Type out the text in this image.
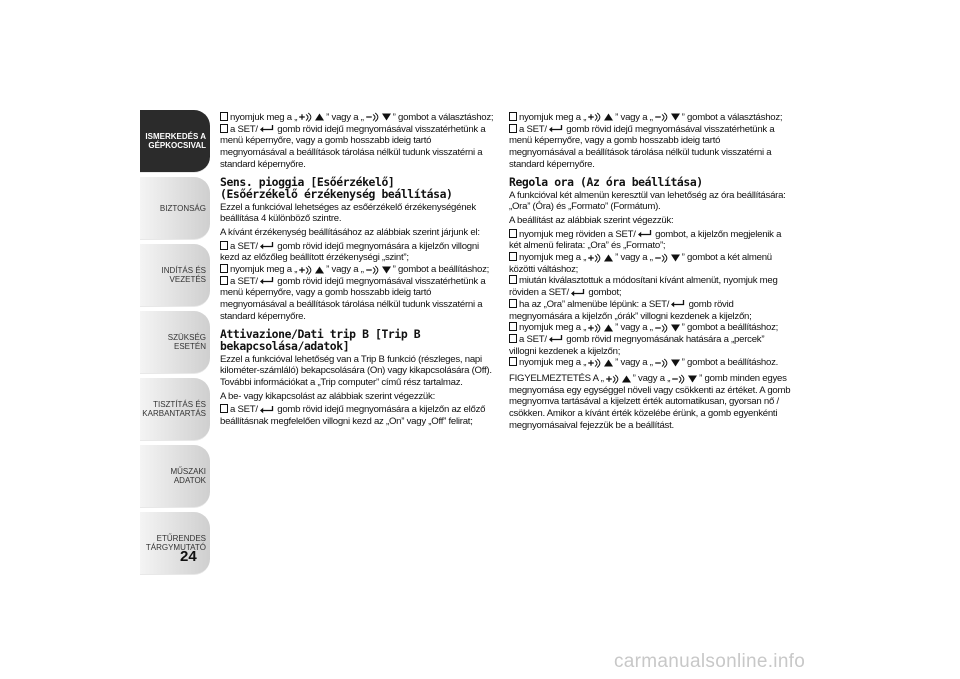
ISMERKEDÉS A GÉPKOCSIVAL
BIZTONSÁG
INDÍTÁS ÉS VEZETÉS
SZÜKSÉG ESETÉN
TISZTÍTÁS ÉS KARBANTARTÁS
MŰSZAKI ADATOK
ETŰRENDES TÁRGYMUTATÓ
24
nyomjuk meg a „	” vagy a „	” gombot a választáshoz;
a SET/ gomb rövid idejű megnyomásával visszatérhetünk a
menü képernyőre, vagy a gomb hosszabb ideig tartó
megnyomásával a beállítások tárolása nélkül tudunk visszatérni a
standard képernyőre.
Sens. pioggia [Esőérzékelő]
(Esőérzékelő érzékenység beállítása)
Ezzel a funkcióval lehetséges az esőérzékelő érzékenységének
beállítása 4 különböző szintre.
A kívánt érzékenység beállításához az alábbiak szerint járjunk el:
a SET/ gomb rövid idejű megnyomására a kijelzőn villogni
kezd az előzőleg beállított érzékenységi „szint”;
nyomjuk meg a „	” vagy a „	” gombot a beállításhoz;
a SET/ gomb rövid idejű megnyomásával visszatérhetünk a
menü képernyőre, vagy a gomb hosszabb ideig tartó
megnyomásával a beállítások tárolása nélkül tudunk visszatérni a
standard képernyőre.
Attivazione/Dati trip B [Trip B
bekapcsolása/adatok]
Ezzel a funkcióval lehetőség van a Trip B funkció (részleges, napi
kilométer-számláló) bekapcsolására (On) vagy kikapcsolására (Off).
További információkat a „Trip computer” című rész tartalmaz.
A be- vagy kikapcsolást az alábbiak szerint végezzük:
a SET/ gomb rövid idejű megnyomására a kijelzőn az előző
beállításnak megfelelően villogni kezd az „On” vagy „Off” felirat;
nyomjuk meg a „	” vagy a „	” gombot a választáshoz;
a SET/ gomb rövid idejű megnyomásával visszatérhetünk a
menü képernyőre, vagy a gomb hosszabb ideig tartó
megnyomásával a beállítások tárolása nélkül tudunk visszatérni a
standard képernyőre.
Regola ora (Az óra beállítása)
A funkcióval két almenün keresztül van lehetőség az óra beállítására:
„Ora” (Óra) és „Formato” (Formátum).
A beállítást az alábbiak szerint végezzük:
nyomjuk meg röviden a SET/ gombot, a kijelzőn megjelenik a
két almenü felirata: „Ora” és „Formato”;
nyomjuk meg a „	” vagy a „	” gombot a két almenü
közötti váltáshoz;
miután kiválasztottuk a módosítani kívánt almenüt, nyomjuk meg
röviden a SET/ gombot;
ha az „Ora” almenübe lépünk: a SET/ gomb rövid
megnyomására a kijelzőn „órák” villogni kezdenek a kijelzőn;
nyomjuk meg a „	” vagy a „	” gombot a beállításhoz;
a SET/ gomb rövid megnyomásának hatására a „percek”
villogni kezdenek a kijelzőn;
nyomjuk meg a „	” vagy a „	” gombot a beállításhoz.
FIGYELMEZTETÉS A „	” vagy a „	” gomb minden egyes
megnyomása egy egységgel növeli vagy csökkenti az értéket. A gomb
megnyomva tartásával a kijelzett érték automatikusan, gyorsan nő /
csökken. Amikor a kívánt érték közelébe érünk, a gomb egyenkénti
megnyomásaival fejezzük be a beállítást.
carmanualsonline.info
